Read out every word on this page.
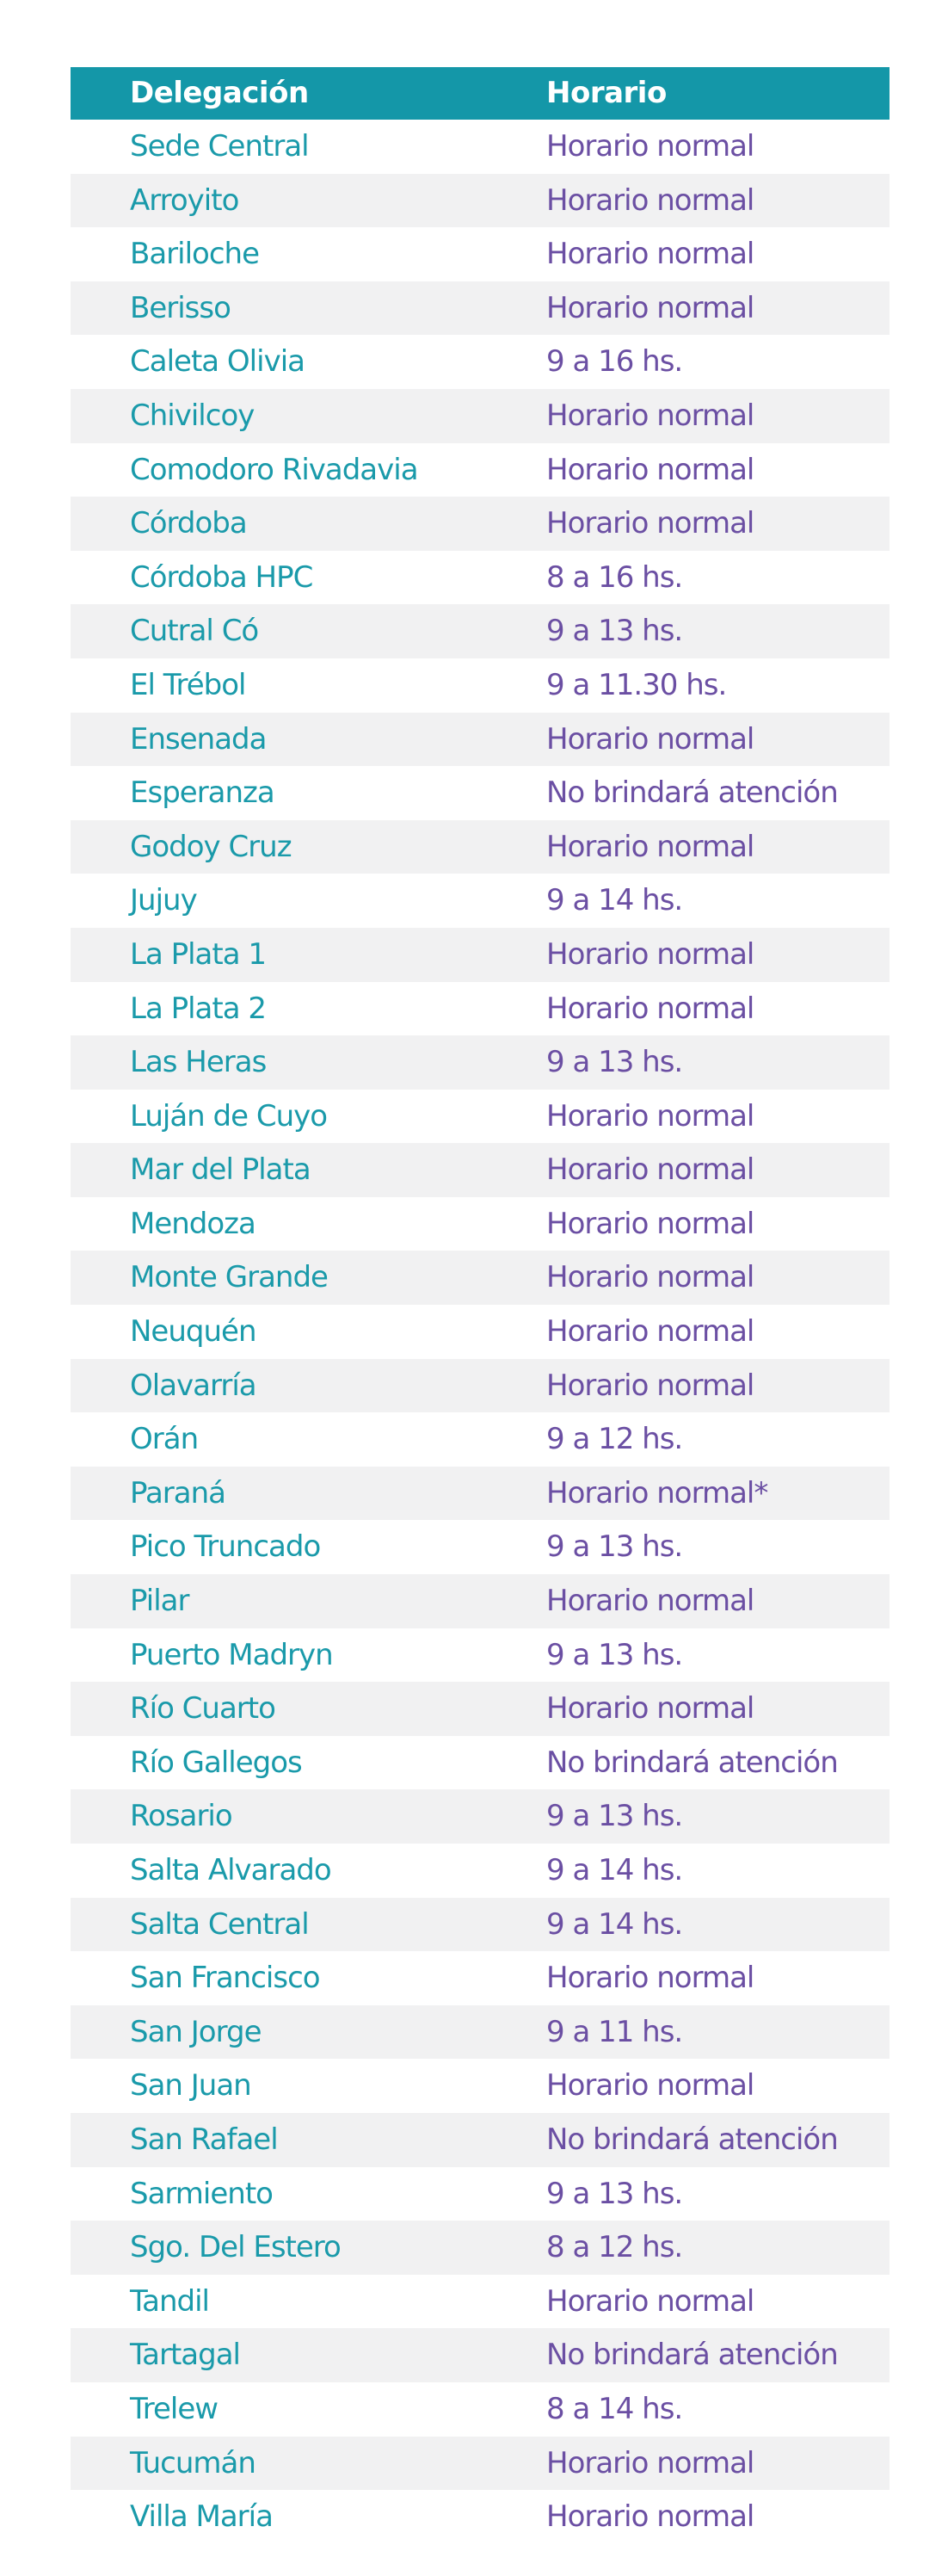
Delegación	Horario
Sede Central	Horario normal
Arroyito	Horario normal
Bariloche	Horario normal
Berisso	Horario normal
Caleta Olivia	9 a 16 hs.
Chivilcoy	Horario normal
Comodoro Rivadavia	Horario normal
Córdoba	Horario normal
Córdoba HPC	8 a 16 hs.
Cutral Có	9 a 13 hs.
El Trébol	9 a 11.30 hs.
Ensenada	Horario normal
Esperanza	No brindará atención
Godoy Cruz	Horario normal
Jujuy	9 a 14 hs.
La Plata 1	Horario normal
La Plata 2	Horario normal
Las Heras	9 a 13 hs.
Luján de Cuyo	Horario normal
Mar del Plata	Horario normal
Mendoza	Horario normal
Monte Grande	Horario normal
Neuquén	Horario normal
Olavarría	Horario normal
Orán	9 a 12 hs.
Paraná	Horario normal*
Pico Truncado	9 a 13 hs.
Pilar	Horario normal
Puerto Madryn	9 a 13 hs.
Río Cuarto	Horario normal
Río Gallegos	No brindará atención
Rosario	9 a 13 hs.
Salta Alvarado	9 a 14 hs.
Salta Central	9 a 14 hs.
San Francisco	Horario normal
San Jorge	9 a 11 hs.
San Juan	Horario normal
San Rafael	No brindará atención
Sarmiento	9 a 13 hs.
Sgo. Del Estero	8 a 12 hs.
Tandil	Horario normal
Tartagal	No brindará atención
Trelew	8 a 14 hs.
Tucumán	Horario normal
Villa María	Horario normal
